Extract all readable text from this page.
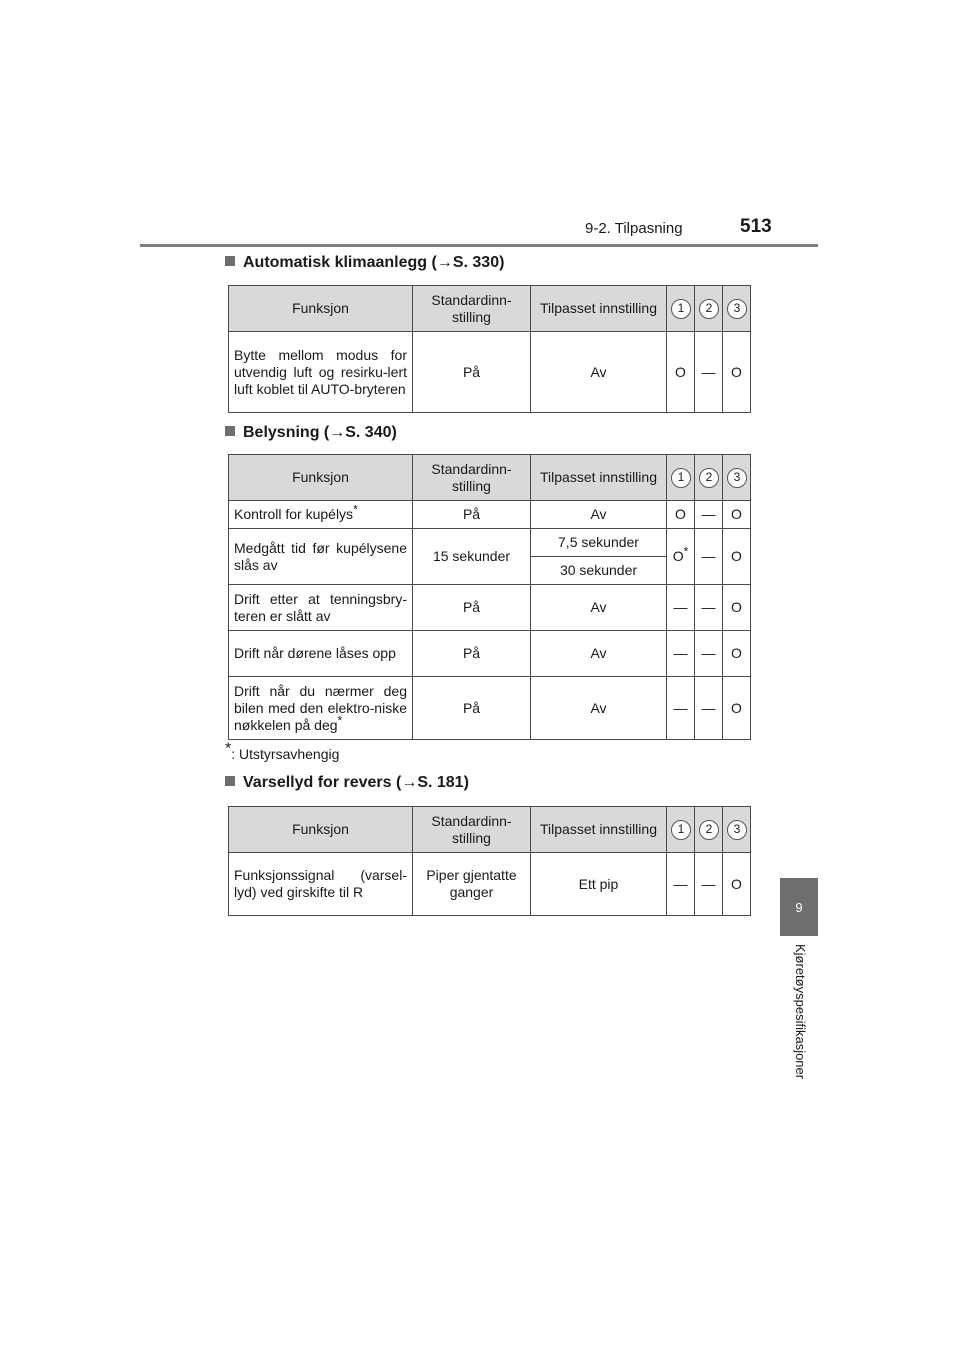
9-2. Tilpasning	513
9
Kjøretøyspesifikasjoner
Automatisk klimaanlegg (→S. 330)
Funksjon	Standardinn-stilling	Tilpasset innstilling	1	2	3
Bytte mellom modus for utvendig luft og resirku-lert luft koblet til AUTO-bryteren	På	Av	O	—	O
Belysning (→S. 340)
Funksjon	Standardinn-stilling	Tilpasset innstilling	1	2	3
Kontroll for kupélys*	På	Av	O	—	O
Medgått tid før kupélysene slås av	15 sekunder	7,5 sekunder	O*	—	O
		30 sekunder			
Drift etter at tenningsbry-teren er slått av	På	Av	—	—	O
Drift når dørene låses opp	På	Av	—	—	O
Drift når du nærmer deg bilen med den elektro-niske nøkkelen på deg*	På	Av	—	—	O
*: Utstyrsavhengig
Varsellyd for revers (→S. 181)
Funksjon	Standardinn-stilling	Tilpasset innstilling	1	2	3
Funksjonssignal (varsel-lyd) ved girskifte til R	Piper gjentatte ganger	Ett pip	—	—	O
